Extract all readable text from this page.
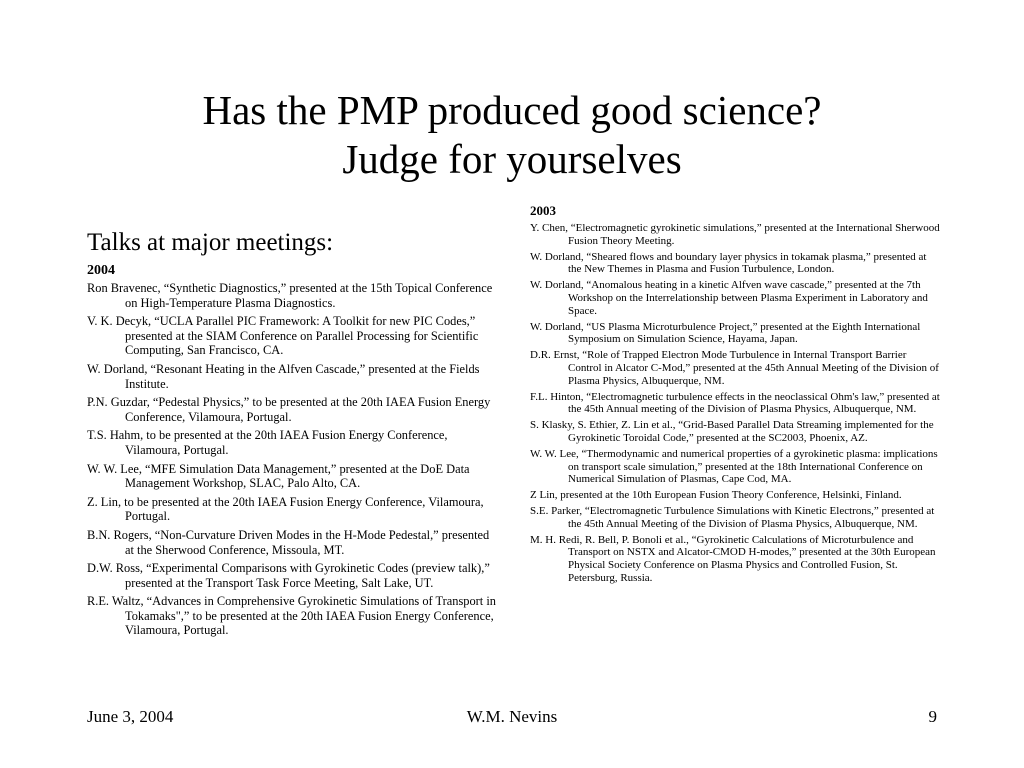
Has the PMP produced good science?
Judge for yourselves
Talks at major meetings:
2004
Ron Bravenec, “Synthetic Diagnostics,” presented at the 15th Topical Conference on High-Temperature Plasma Diagnostics.
V. K. Decyk, “UCLA Parallel PIC Framework: A Toolkit for new PIC Codes,” presented at the SIAM Conference on Parallel Processing for Scientific Computing, San Francisco, CA.
W. Dorland, “Resonant Heating in the Alfven Cascade,” presented at the Fields Institute.
P.N. Guzdar, “Pedestal Physics,” to be presented at the 20th IAEA Fusion Energy Conference, Vilamoura, Portugal.
T.S. Hahm, to be presented at the 20th IAEA Fusion Energy Conference, Vilamoura, Portugal.
W. W. Lee, “MFE Simulation Data Management,” presented at the DoE Data Management Workshop, SLAC, Palo Alto, CA.
Z. Lin, to be presented at the 20th IAEA Fusion Energy Conference, Vilamoura, Portugal.
B.N. Rogers, “Non-Curvature Driven Modes in the H-Mode Pedestal,” presented at the Sherwood Conference, Missoula, MT.
D.W. Ross, “Experimental Comparisons with Gyrokinetic Codes (preview talk),” presented at the Transport Task Force Meeting, Salt Lake, UT.
R.E. Waltz, “Advances in Comprehensive Gyrokinetic Simulations of Transport in Tokamaks",” to be presented at the 20th IAEA Fusion Energy Conference, Vilamoura, Portugal.
2003
Y. Chen, “Electromagnetic gyrokinetic simulations,” presented at the International Sherwood Fusion Theory Meeting.
W. Dorland, “Sheared flows and boundary layer physics in tokamak plasma,” presented at the New Themes in Plasma and Fusion Turbulence, London.
W. Dorland, “Anomalous heating in a kinetic Alfven wave cascade,” presented at the 7th Workshop on the Interrelationship between Plasma Experiment in Laboratory and Space.
W. Dorland, “US Plasma Microturbulence Project,” presented at the Eighth International Symposium on Simulation Science, Hayama, Japan.
D.R. Ernst, “Role of Trapped Electron Mode Turbulence in Internal Transport Barrier Control in Alcator C-Mod,” presented at the 45th Annual Meeting of the Division of Plasma Physics, Albuquerque, NM.
F.L. Hinton, “Electromagnetic turbulence effects in the neoclassical Ohm's law,” presented at the 45th Annual meeting of the Division of Plasma Physics, Albuquerque, NM.
S. Klasky, S. Ethier, Z. Lin et al., “Grid-Based Parallel Data Streaming implemented for the Gyrokinetic Toroidal Code,” presented at the SC2003, Phoenix, AZ.
W. W. Lee, “Thermodynamic and numerical properties of a gyrokinetic plasma: implications on transport scale simulation,” presented at the 18th International Conference on Numerical Simulation of Plasmas, Cape Cod, MA.
Z Lin, presented at the 10th European Fusion Theory Conference, Helsinki, Finland.
S.E. Parker, “Electromagnetic Turbulence Simulations with Kinetic Electrons,” presented at the 45th Annual Meeting of the Division of Plasma Physics, Albuquerque, NM.
M. H. Redi, R. Bell, P. Bonoli et al., “Gyrokinetic Calculations of Microturbulence and Transport on NSTX and Alcator-CMOD H-modes,” presented at the 30th European Physical Society Conference on Plasma Physics and Controlled Fusion, St. Petersburg, Russia.
June 3, 2004	W.M. Nevins	9
